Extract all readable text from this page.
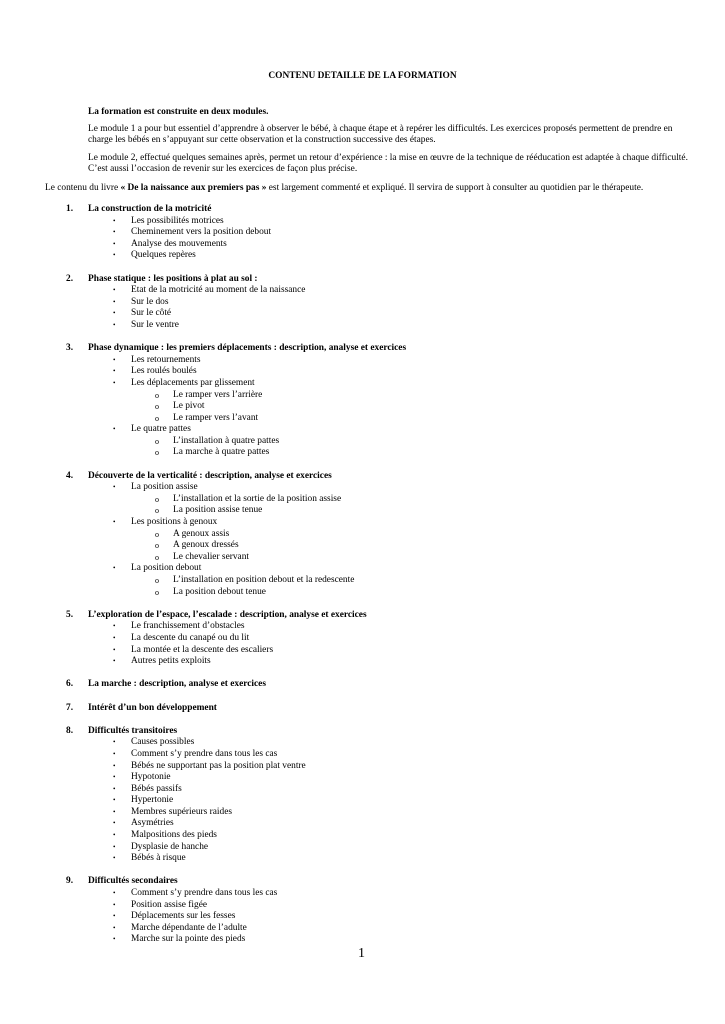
CONTENU DETAILLE DE LA FORMATION
La formation est construite en deux modules.
Le module 1 a pour but essentiel d’apprendre à observer le bébé, à chaque étape et à repérer les difficultés. Les exercices proposés permettent de prendre en charge les bébés en s’appuyant sur cette observation et la construction successive des étapes.
Le module 2, effectué quelques semaines après, permet un retour d’expérience : la mise en œuvre de la technique de rééducation est adaptée à chaque difficulté. C’est aussi l’occasion de revenir sur les exercices de façon plus précise.
Le contenu du livre « De la naissance aux premiers pas » est largement commenté et expliqué. Il servira de support à consulter au quotidien par le thérapeute.
1. La construction de la motricité
• Les possibilités motrices
• Cheminement vers la position debout
• Analyse des mouvements
• Quelques repères
2. Phase statique : les positions à plat au sol :
• Etat de la motricité au moment de la naissance
• Sur le dos
• Sur le côté
• Sur le ventre
3. Phase dynamique : les premiers déplacements : description, analyse et exercices
• Les retournements
• Les roulés boulés
• Les déplacements par glissement
o Le ramper vers l’arrière
o Le pivot
o Le ramper vers l’avant
• Le quatre pattes
o L’installation à quatre pattes
o La marche à quatre pattes
4. Découverte de la verticalité : description, analyse et exercices
• La position assise
o L’installation et la sortie de la position assise
o La position assise tenue
• Les positions à genoux
o A genoux assis
o A genoux dressés
o Le chevalier servant
• La position debout
o L’installation en position debout et la redescente
o La position debout tenue
5. L’exploration de l’espace, l’escalade : description, analyse et exercices
• Le franchissement d’obstacles
• La descente du canapé ou du lit
• La montée et la descente des escaliers
• Autres petits exploits
6. La marche : description, analyse et exercices
7. Intérêt d’un bon développement
8. Difficultés transitoires
• Causes possibles
• Comment s’y prendre dans tous les cas
• Bébés ne supportant pas la position plat ventre
• Hypotonie
• Bébés passifs
• Hypertonie
• Membres supérieurs raides
• Asymétries
• Malpositions des pieds
• Dysplasie de hanche
• Bébés à risque
9. Difficultés secondaires
• Comment s’y prendre dans tous les cas
• Position assise figée
• Déplacements sur les fesses
• Marche dépendante de l’adulte
• Marche sur la pointe des pieds
1
